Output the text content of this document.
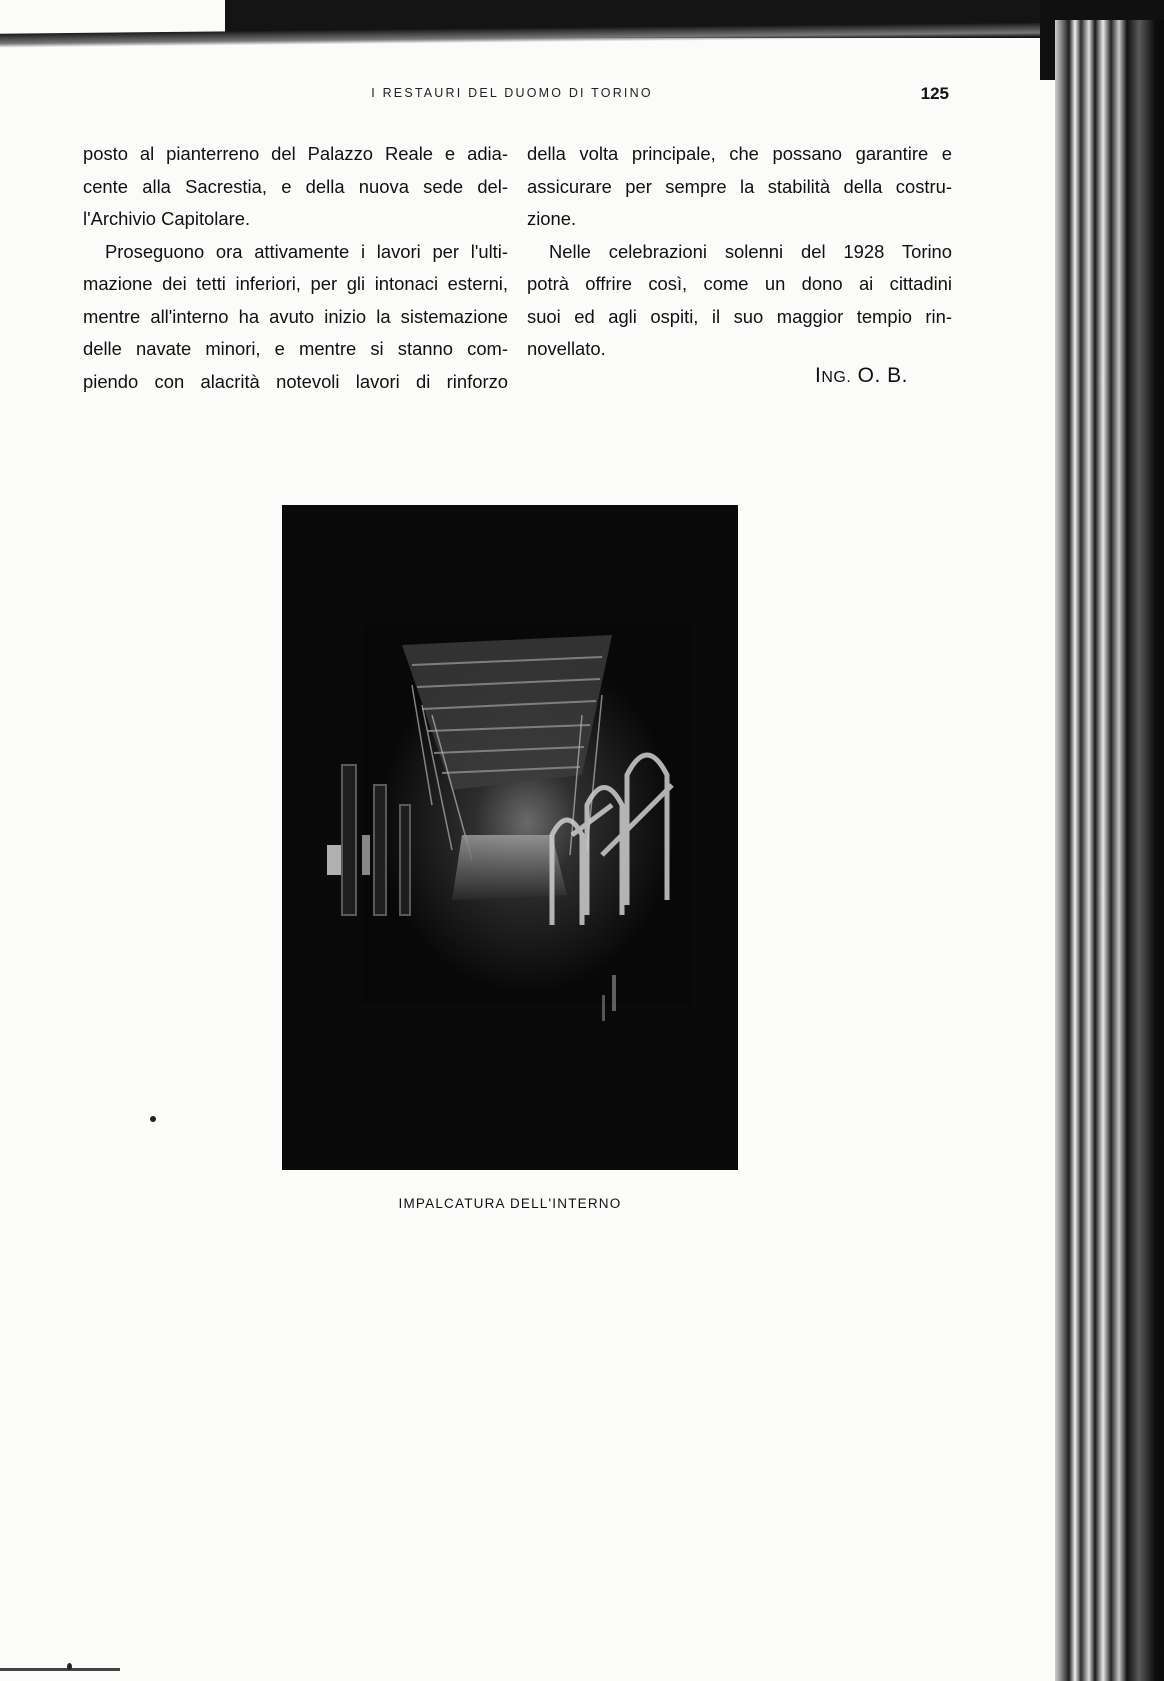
I RESTAURI DEL DUOMO DI TORINO	125
posto al pianterreno del Palazzo Reale e adia-
cente alla Sacrestia, e della nuova sede del-
l'Archivio Capitolare.
Proseguono ora attivamente i lavori per l'ulti-
mazione dei tetti inferiori, per gli intonaci esterni,
mentre all'interno ha avuto inizio la sistemazione
delle navate minori, e mentre si stanno com-
piendo con alacrità notevoli lavori di rinforzo
della volta principale, che possano garantire e
assicurare per sempre la stabilità della costru-
zione.
Nelle celebrazioni solenni del 1928 Torino
potrà offrire così, come un dono ai cittadini
suoi ed agli ospiti, il suo maggior tempio rin-
novellato.
ING. O. B.
IMPALCATURA DELL'INTERNO
